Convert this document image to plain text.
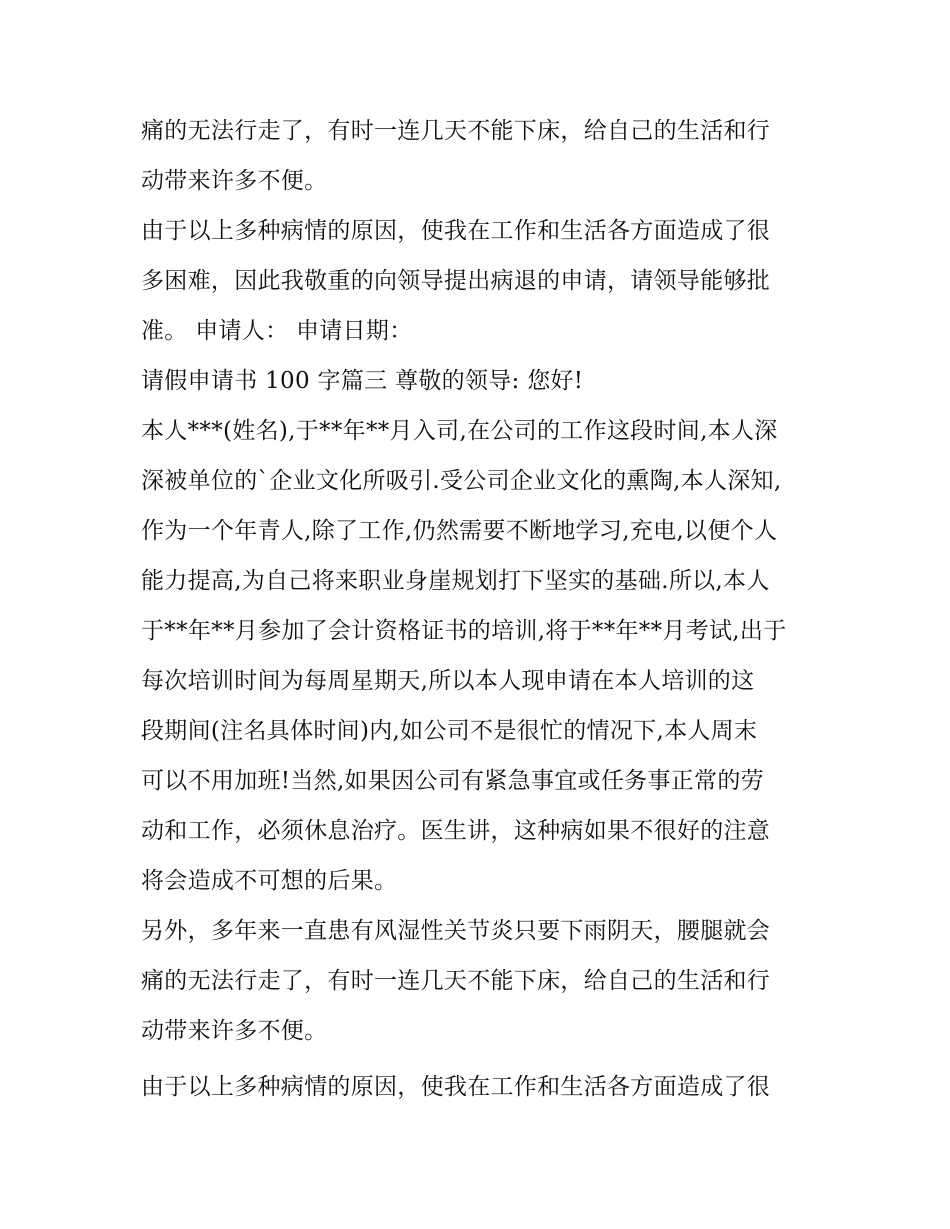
痛的无法行走了，有时一连几天不能下床，给自己的生活和行
动带来许多不便。
由于以上多种病情的原因，使我在工作和生活各方面造成了很
多困难，因此我敬重的向领导提出病退的申请，请领导能够批
准。 申请人： 申请日期：
请假申请书 100 字篇三 尊敬的领导: 您好!
本人***(姓名),于**年**月入司,在公司的工作这段时间,本人深
深被单位的`企业文化所吸引.受公司企业文化的熏陶,本人深知,
作为一个年青人,除了工作,仍然需要不断地学习,充电,以便个人
能力提高,为自己将来职业身崖规划打下坚实的基础.所以,本人
于**年**月参加了会计资格证书的培训,将于**年**月考试,出于
每次培训时间为每周星期天,所以本人现申请在本人培训的这
段期间(注名具体时间)内,如公司不是很忙的情况下,本人周末
可以不用加班!当然,如果因公司有紧急事宜或任务事正常的劳
动和工作，必须休息治疗。医生讲，这种病如果不很好的注意
将会造成不可想的后果。
另外，多年来一直患有风湿性关节炎只要下雨阴天，腰腿就会
痛的无法行走了，有时一连几天不能下床，给自己的生活和行
动带来许多不便。
由于以上多种病情的原因，使我在工作和生活各方面造成了很
